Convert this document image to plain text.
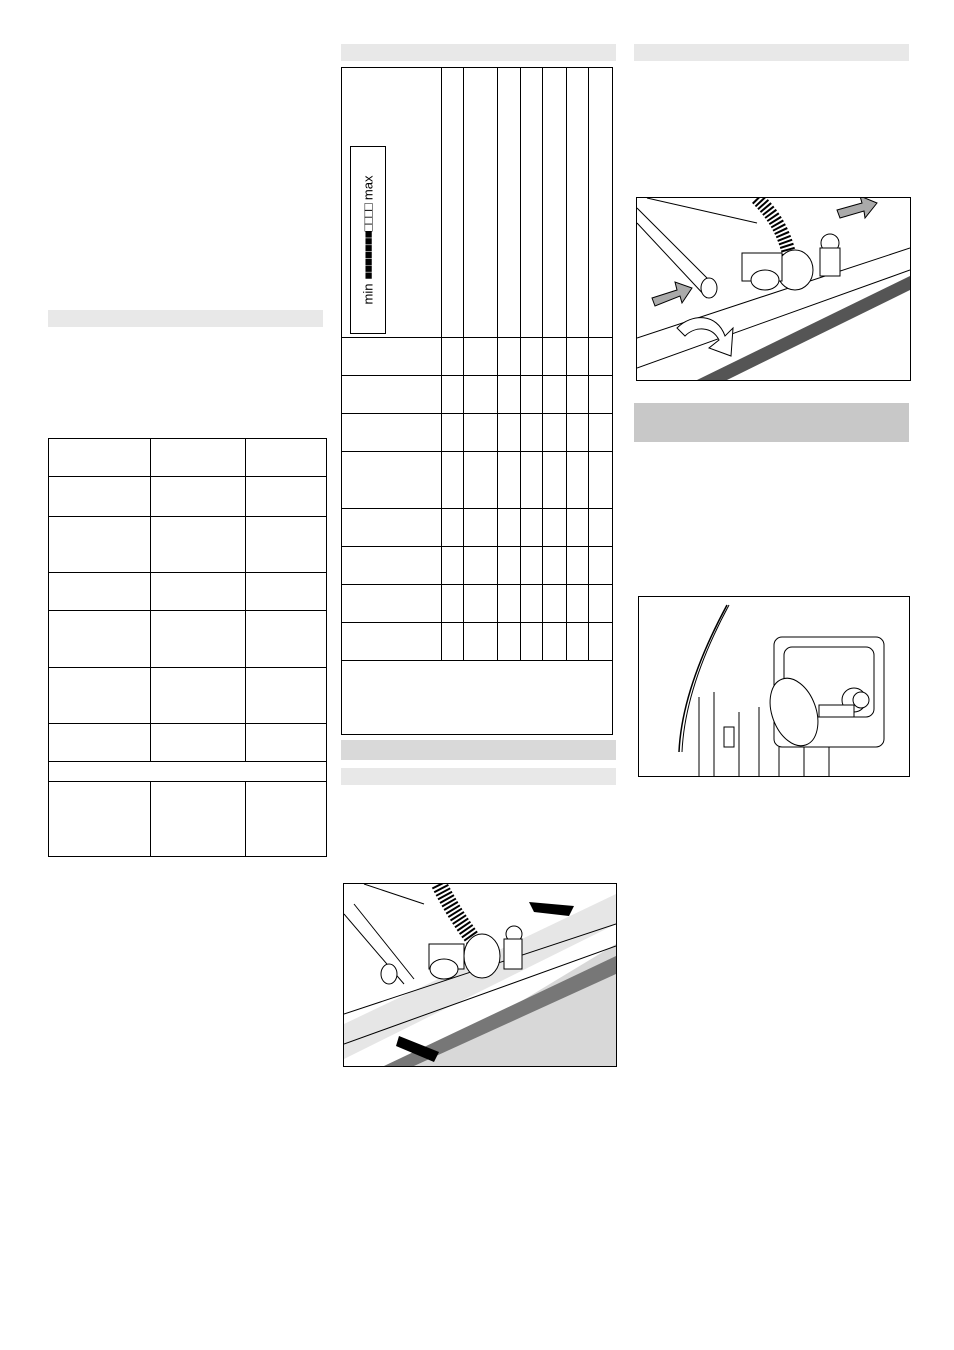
min
■■■■■■■□□□□
max							
